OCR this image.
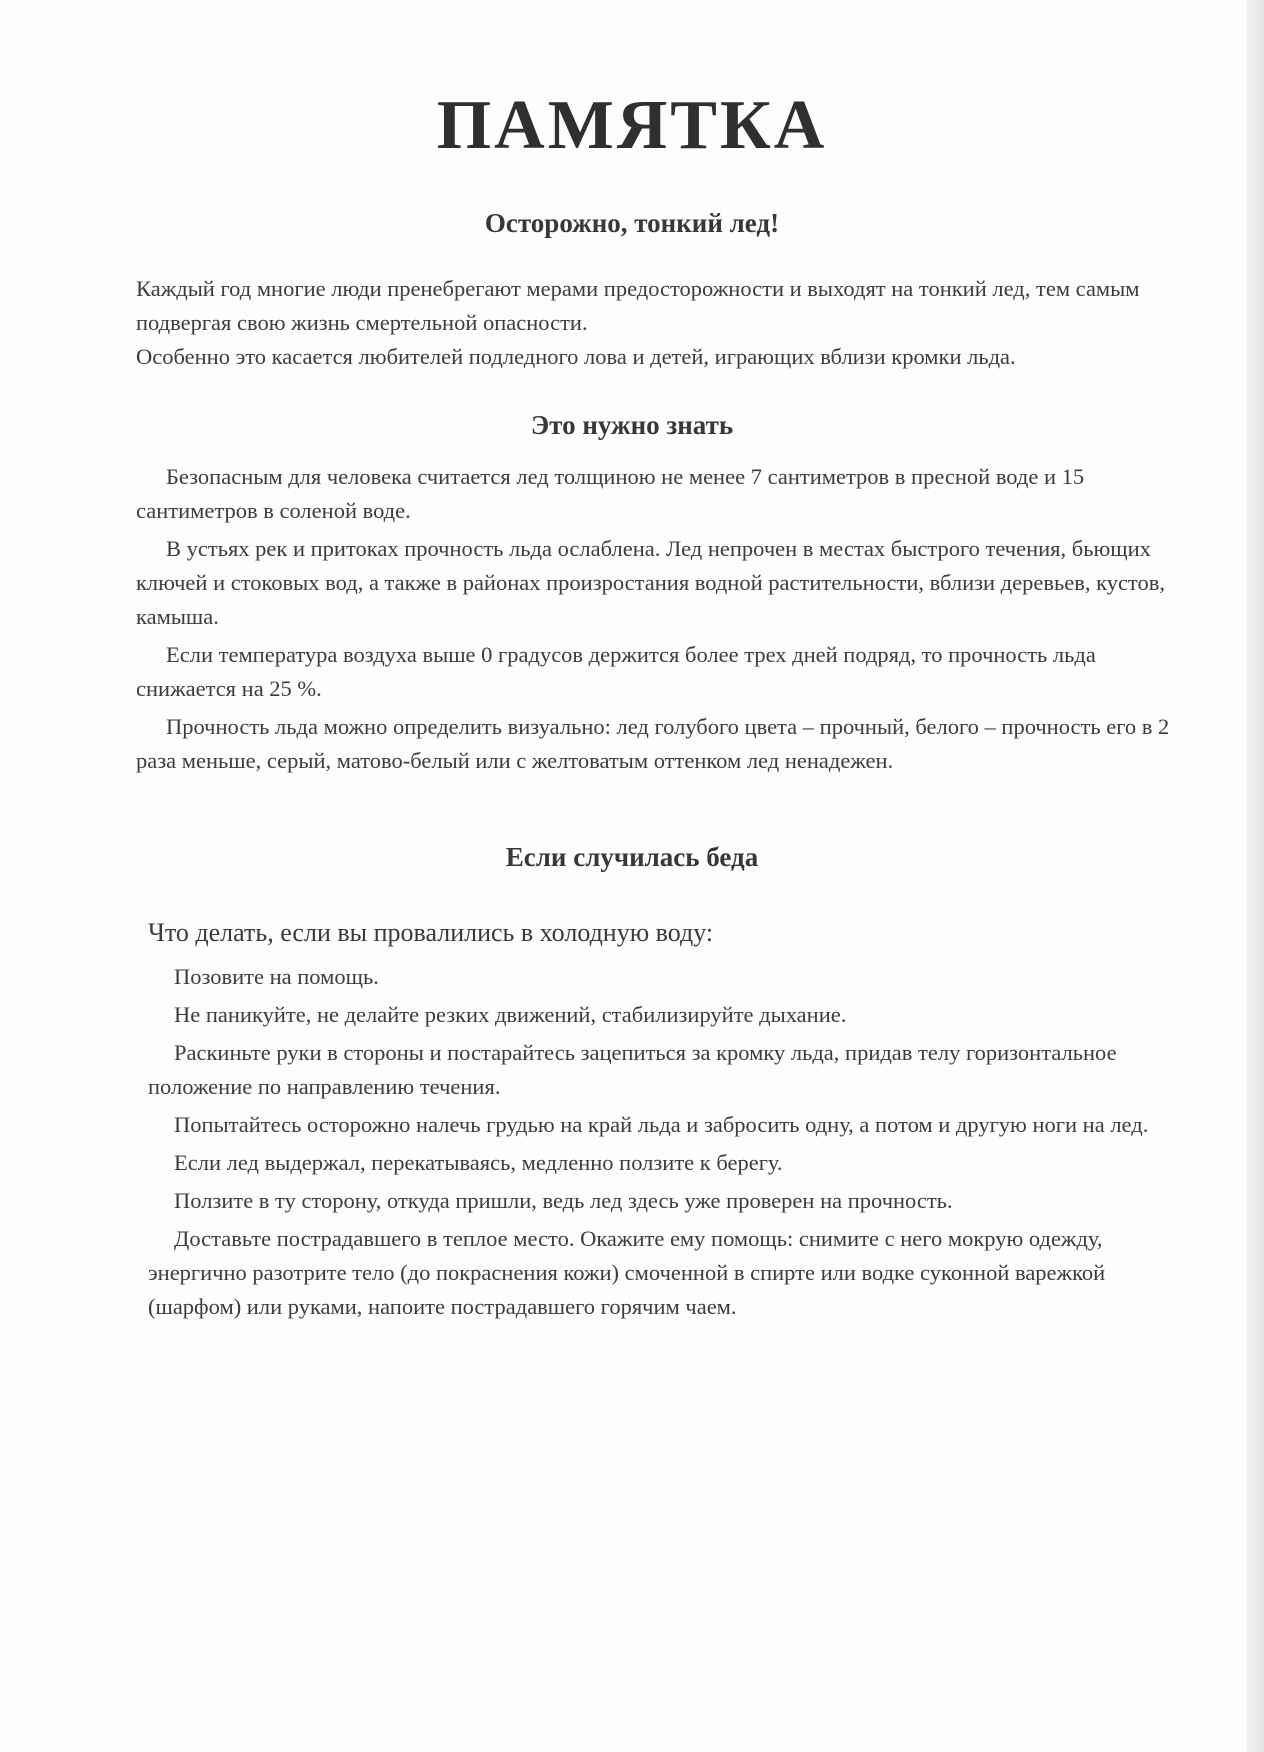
ПАМЯТКА
Осторожно, тонкий лед!

Каждый год многие люди пренебрегают мерами предосторожности и выходят на тонкий лед, тем самым подвергая свою жизнь смертельной опасности.

Особенно это касается любителей подледного лова и детей, играющих вблизи кромки льда.

Это нужно знать

Безопасным для человека считается лед толщиною не менее 7 сантиметров в пресной воде и 15 сантиметров в соленой воде.

В устьях рек и притоках прочность льда ослаблена. Лед непрочен в местах быстрого течения, бьющих ключей и стоковых вод, а также в районах произростания водной растительности, вблизи деревьев, кустов, камыша.

Если температура воздуха выше 0 градусов держится более трех дней подряд, то прочность льда снижается на 25 %.

Прочность льда можно определить визуально: лед голубого цвета – прочный, белого – прочность его в 2 раза меньше, серый, матово-белый или с желтоватым оттенком лед ненадежен.

Если случилась беда

Что делать, если вы провалились в холодную воду:

Позовите на помощь.

Не паникуйте, не делайте резких движений, стабилизируйте дыхание.

Раскиньте руки в стороны и постарайтесь зацепиться за кромку льда, придав телу горизонтальное положение по направлению течения.

Попытайтесь осторожно налечь грудью на край льда и забросить одну, а потом и другую ноги на лед.

Если лед выдержал, перекатываясь, медленно ползите к берегу.

Ползите в ту сторону, откуда пришли, ведь лед здесь уже проверен на прочность.

Доставьте пострадавшего в теплое место. Окажите ему помощь: снимите с него мокрую одежду, энергично разотрите тело (до покраснения кожи) смоченной в спирте или водке суконной варежкой (шарфом) или руками, напоите пострадавшего горячим чаем.
